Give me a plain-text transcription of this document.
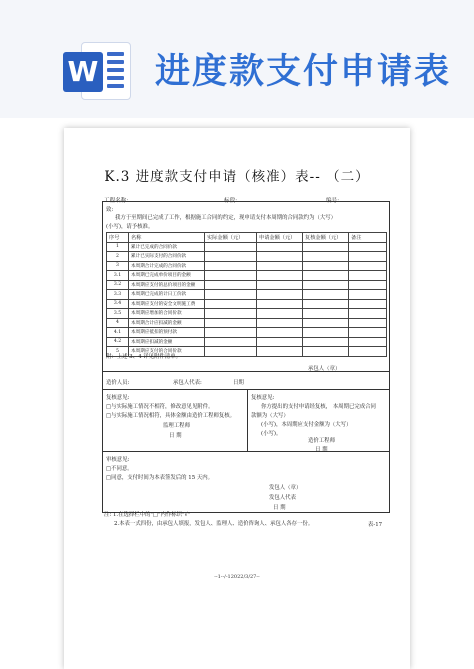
W 进度款支付申请表
K.3 进度款支付申请（核准）表-- （二）
工程名称:	标段:	编号:
致:
我方于至期间已完成了工作，根据施工合同的约定，现申请支付本周期的合同款约为（大写）
(小写)，请予核准。
序号	名称	实际金额（元）	申请金额（元）	复核金额（元）	备注
1	累计已完成的合同价款				
2	累计已实际支付的合同价款				
3	本周期合计完成的合同价款				
3.1	本周期已完成单价项目的金额				
3.2	本周期应支付的总价项目的金额				
3.3	本周期已完成的计日工价款				
3.4	本周期应支付的安全文明施工费				
3.5	本周期应增加的合同价款				
4	本周期合计应扣减的金额				
4.1	本周期应抵扣的预付款				
4.2	本周期应扣减的金额				
5	本周期应支付的合同价款				
附：上述 3、4 详见附件清单。
承包人（章）
造价人员:	承包人代表:	日期
复核意见:
□与实际施工情况不相符，修改意见见附件。
□与实际施工情况相符，具体金额由造价工程师复核。
监理工程师
日 期
复核意见:
你方提出的支付申请经复核， 本周期已完成合同
款额为（大写）
(小写)，本周期应支付金额为（大写）
(小写)。
造价工程师
日 期
审核意见:
□不同意。
□同意，支付时间为本表签发后的 15 天内。
发包人（章）
发包人代表
日 期
注: 1.在选择栏中的"□"内作标识"√"
2.本表一式四份，由承包人填报，发包人、监理人、造价咨询人、承包人各存一份。	表-17
--1--/-12022/3/27--
